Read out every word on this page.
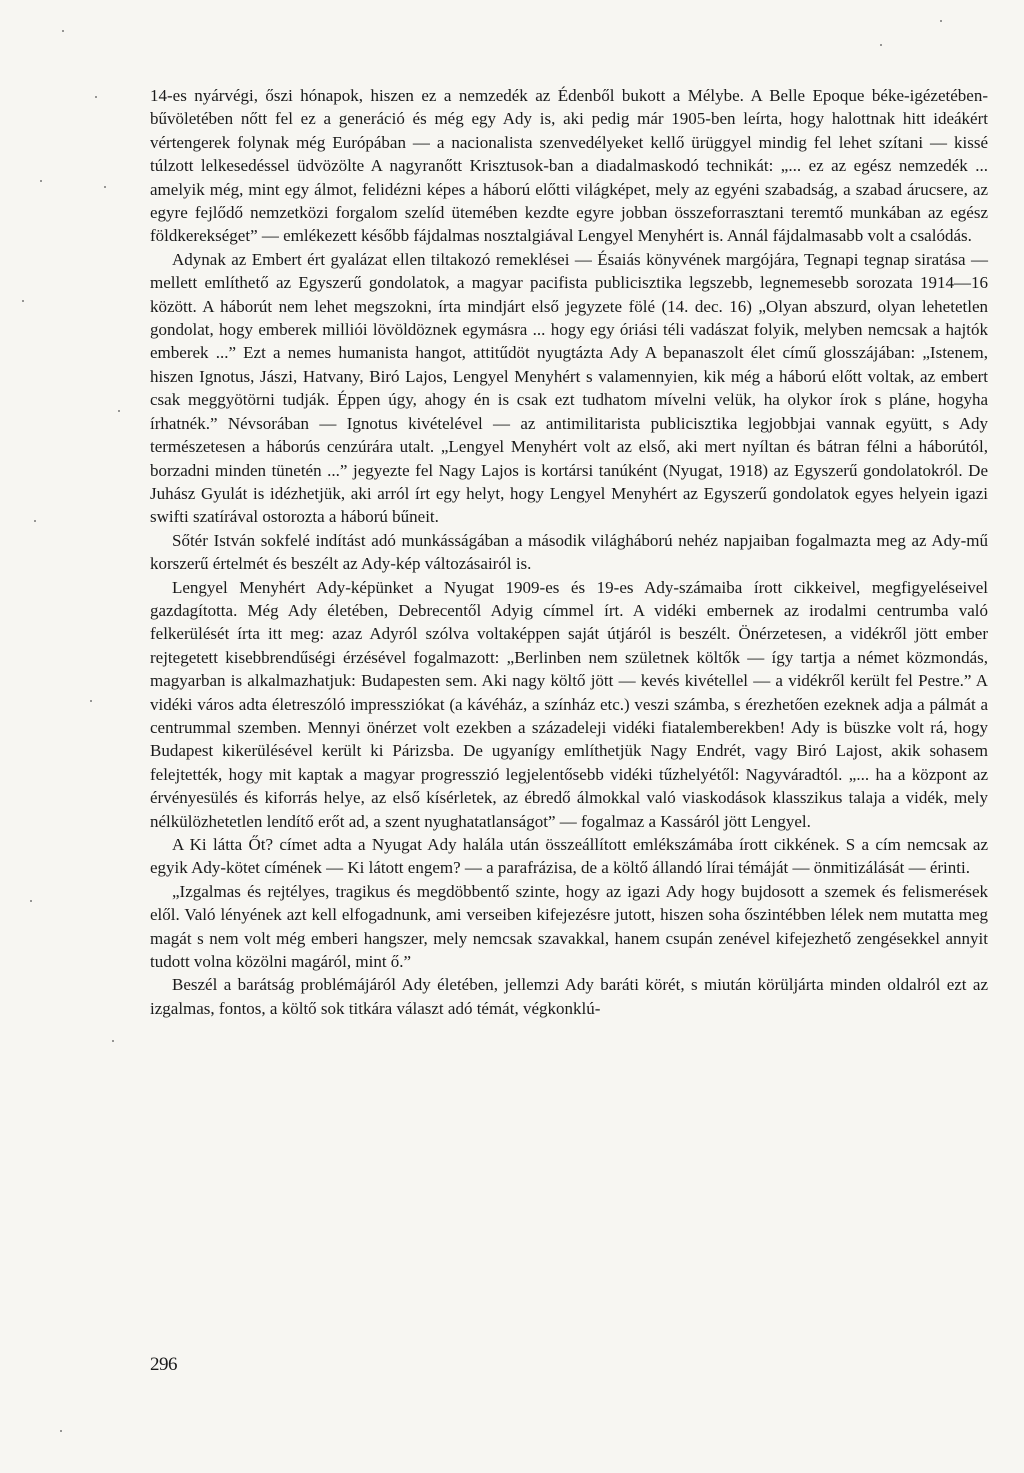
14-es nyárvégi, őszi hónapok, hiszen ez a nemzedék az Édenből bukott a Mélybe. A Belle Epoque béke-igézetében-bűvöletében nőtt fel ez a generáció és még egy Ady is, aki pedig már 1905-ben leírta, hogy halottnak hitt ideákért vértengerek folynak még Európában — a nacionalista szenvedélyeket kellő ürüggyel mindig fel lehet szítani — kissé túlzott lelkesedéssel üdvözölte A nagyranőtt Krisztusok-ban a diadalmaskodó technikát: „... ez az egész nemzedék ... amelyik még, mint egy álmot, felidézni képes a háború előtti világképet, mely az egyéni szabadság, a szabad árucsere, az egyre fejlődő nemzetközi forgalom szelíd ütemében kezdte egyre jobban összeforrasztani teremtő munkában az egész földkerekséget” — emlékezett később fájdalmas nosztalgiával Lengyel Menyhért is. Annál fájdalmasabb volt a csalódás.

Adynak az Embert ért gyalázat ellen tiltakozó remeklései — Ésaiás könyvének margójára, Tegnapi tegnap siratása — mellett említhető az Egyszerű gondolatok, a magyar pacifista publicisztika legszebb, legnemesebb sorozata 1914—16 között. A háborút nem lehet megszokni, írta mindjárt első jegyzete fölé (14. dec. 16) „Olyan abszurd, olyan lehetetlen gondolat, hogy emberek milliói lövöldöznek egymásra ... hogy egy óriási téli vadászat folyik, melyben nemcsak a hajtók emberek ...” Ezt a nemes humanista hangot, attitűdöt nyugtázta Ady A bepanaszolt élet című glosszájában: „Istenem, hiszen Ignotus, Jászi, Hatvany, Biró Lajos, Lengyel Menyhért s valamennyien, kik még a háború előtt voltak, az embert csak meggyötörni tudják. Éppen úgy, ahogy én is csak ezt tudhatom mívelni velük, ha olykor írok s pláne, hogyha írhatnék.” Névsorában — Ignotus kivételével — az antimilitarista publicisztika legjobbjai vannak együtt, s Ady természetesen a háborús cenzúrára utalt. „Lengyel Menyhért volt az első, aki mert nyíltan és bátran félni a háborútól, borzadni minden tünetén ...” jegyezte fel Nagy Lajos is kortársi tanúként (Nyugat, 1918) az Egyszerű gondolatokról. De Juhász Gyulát is idézhetjük, aki arról írt egy helyt, hogy Lengyel Menyhért az Egyszerű gondolatok egyes helyein igazi swifti szatírával ostorozta a háború bűneit.

Sőtér István sokfelé indítást adó munkásságában a második világháború nehéz napjaiban fogalmazta meg az Ady-mű korszerű értelmét és beszélt az Ady-kép változásairól is.

Lengyel Menyhért Ady-képünket a Nyugat 1909-es és 19-es Ady-számaiba írott cikkeivel, megfigyeléseivel gazdagította. Még Ady életében, Debrecentől Adyig címmel írt. A vidéki embernek az irodalmi centrumba való felkerülését írta itt meg: azaz Adyról szólva voltaképpen saját útjáról is beszélt. Önérzetesen, a vidékről jött ember rejtegetett kisebbrendűségi érzésével fogalmazott: „Berlinben nem születnek költők — így tartja a német közmondás, magyarban is alkalmazhatjuk: Budapesten sem. Aki nagy költő jött — kevés kivétellel — a vidékről került fel Pestre.” A vidéki város adta életreszóló impressziókat (a kávéház, a színház etc.) veszi számba, s érezhetően ezeknek adja a pálmát a centrummal szemben. Mennyi önérzet volt ezekben a századeleji vidéki fiatalemberekben! Ady is büszke volt rá, hogy Budapest kikerülésével került ki Párizsba. De ugyanígy említhetjük Nagy Endrét, vagy Biró Lajost, akik sohasem felejtették, hogy mit kaptak a magyar progresszió legjelentősebb vidéki tűzhelyétől: Nagyváradtól. „... ha a központ az érvényesülés és kiforrás helye, az első kísérletek, az ébredő álmokkal való viaskodások klasszikus talaja a vidék, mely nélkülözhetetlen lendítő erőt ad, a szent nyughatatlanságot” — fogalmaz a Kassáról jött Lengyel.

A Ki látta Őt? címet adta a Nyugat Ady halála után összeállított emlékszámába írott cikkének. S a cím nemcsak az egyik Ady-kötet címének — Ki látott engem? — a parafrázisa, de a költő állandó lírai témáját — önmitizálását — érinti.

„Izgalmas és rejtélyes, tragikus és megdöbbentő szinte, hogy az igazi Ady hogy bujdosott a szemek és felismerések elől. Való lényének azt kell elfogadnunk, ami verseiben kifejezésre jutott, hiszen soha őszintébben lélek nem mutatta meg magát s nem volt még emberi hangszer, mely nemcsak szavakkal, hanem csupán zenével kifejezhető zengésekkel annyit tudott volna közölni magáról, mint ő.”

Beszél a barátság problémájáról Ady életében, jellemzi Ady baráti körét, s miután körüljárta minden oldalról ezt az izgalmas, fontos, a költő sok titkára választ adó témát, végkonklú-

296
